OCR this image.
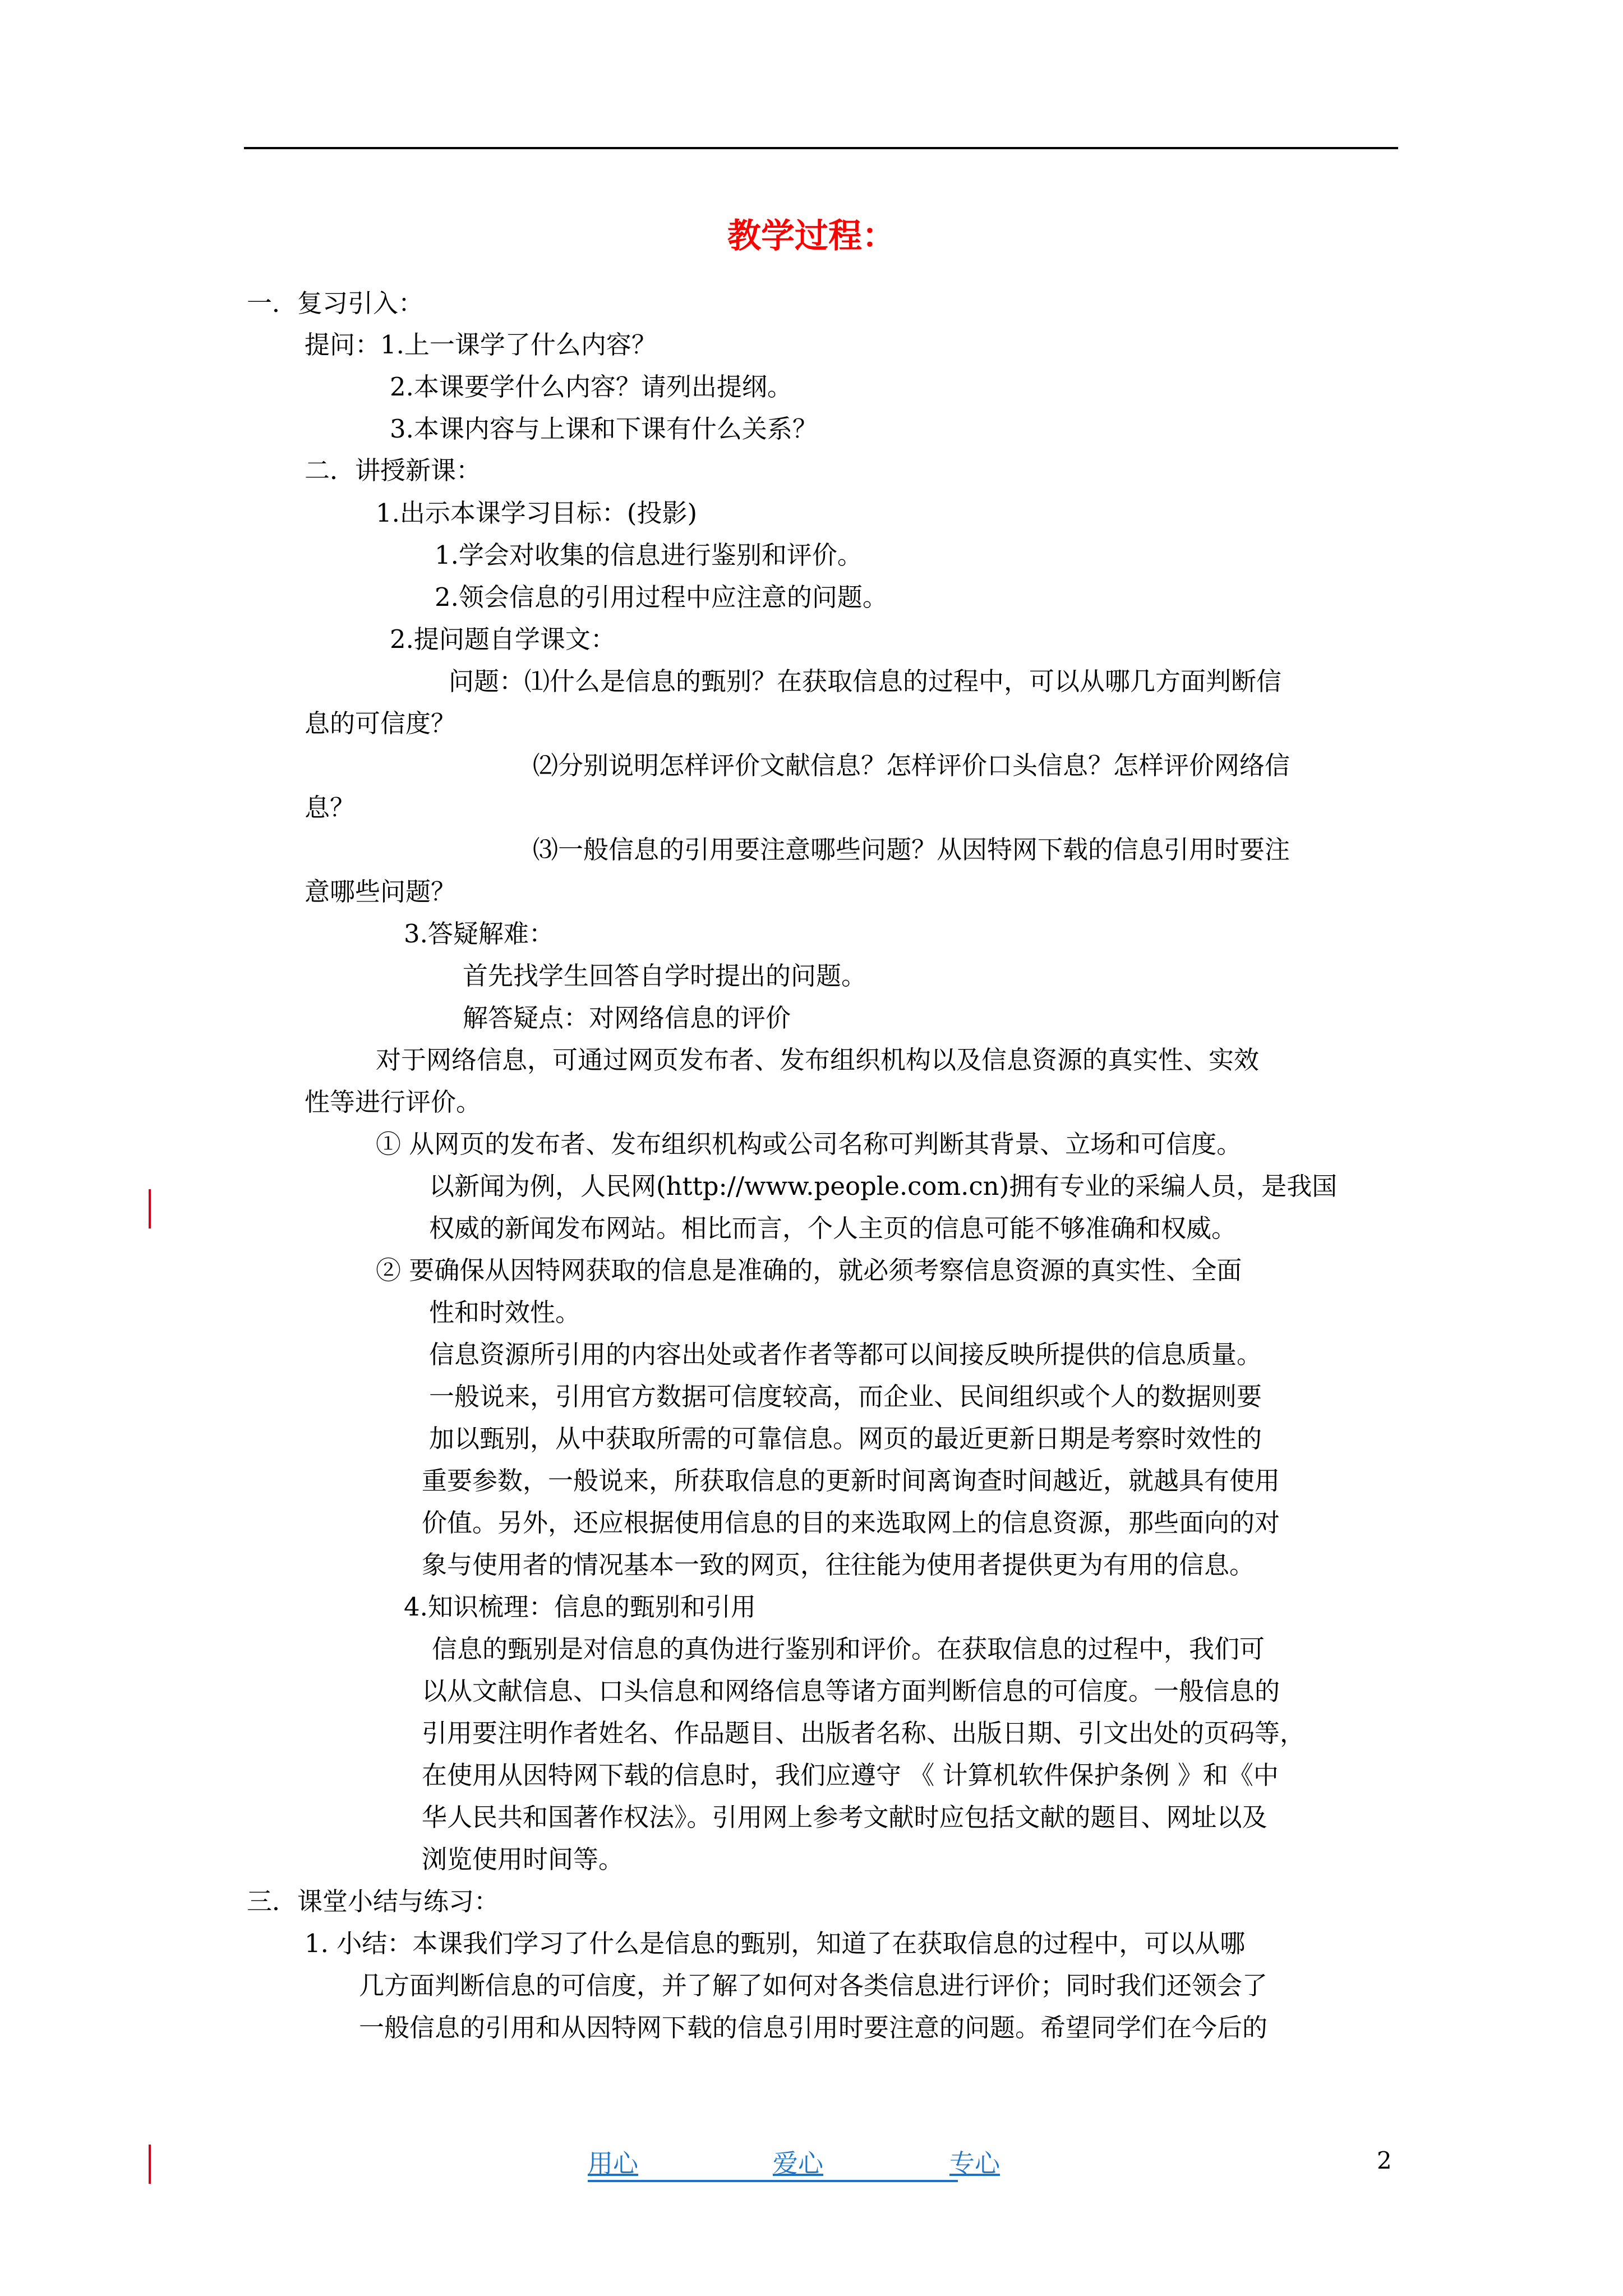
教学过程：
一．复习引入：
提问：1.上一课学了什么内容？
2.本课要学什么内容？请列出提纲。
3.本课内容与上课和下课有什么关系？
二．讲授新课：
1.出示本课学习目标：(投影)
1.学会对收集的信息进行鉴别和评价。
2.领会信息的引用过程中应注意的问题。
2.提问题自学课文：
问题：⑴什么是信息的甄别？在获取信息的过程中，可以从哪几方面判断信
息的可信度？
⑵分别说明怎样评价文献信息？怎样评价口头信息？怎样评价网络信
息？
⑶一般信息的引用要注意哪些问题？从因特网下载的信息引用时要注
意哪些问题？
3.答疑解难：
首先找学生回答自学时提出的问题。
解答疑点：对网络信息的评价
对于网络信息，可通过网页发布者、发布组织机构以及信息资源的真实性、实效
性等进行评价。
① 从网页的发布者、发布组织机构或公司名称可判断其背景、立场和可信度。
以新闻为例，人民网(http://www.people.com.cn)拥有专业的采编人员，是我国
权威的新闻发布网站。相比而言，个人主页的信息可能不够准确和权威。
② 要确保从因特网获取的信息是准确的，就必须考察信息资源的真实性、全面
性和时效性。
信息资源所引用的内容出处或者作者等都可以间接反映所提供的信息质量。
一般说来，引用官方数据可信度较高，而企业、民间组织或个人的数据则要
加以甄别，从中获取所需的可靠信息。网页的最近更新日期是考察时效性的
重要参数，一般说来，所获取信息的更新时间离询查时间越近，就越具有使用
价值。另外，还应根据使用信息的目的来选取网上的信息资源，那些面向的对
象与使用者的情况基本一致的网页，往往能为使用者提供更为有用的信息。
4.知识梳理：信息的甄别和引用
信息的甄别是对信息的真伪进行鉴别和评价。在获取信息的过程中，我们可
以从文献信息、口头信息和网络信息等诸方面判断信息的可信度。一般信息的
引用要注明作者姓名、作品题目、出版者名称、出版日期、引文出处的页码等，
在使用从因特网下载的信息时，我们应遵守 《 计算机软件保护条例 》和《中
华人民共和国著作权法》。引用网上参考文献时应包括文献的题目、网址以及
浏览使用时间等。
三．课堂小结与练习：
1. 小结：本课我们学习了什么是信息的甄别，知道了在获取信息的过程中，可以从哪
几方面判断信息的可信度，并了解了如何对各类信息进行评价；同时我们还领会了
一般信息的引用和从因特网下载的信息引用时要注意的问题。希望同学们在今后的
用心	爱心	专心	2
